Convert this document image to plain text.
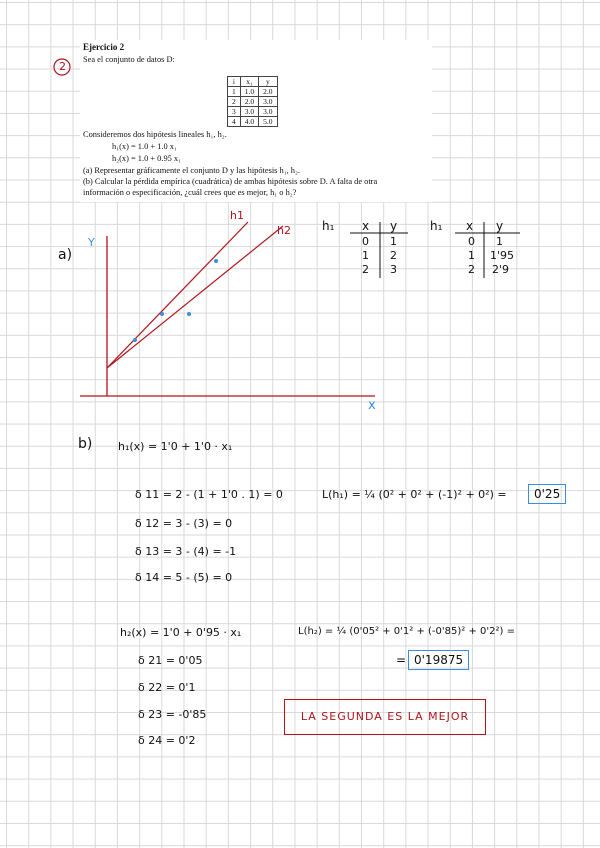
Ejercicio 2
Sea el conjunto de datos D:
i	x₁	y
1	1.0	2.0
2	2.0	3.0
3	3.0	3.0
4	4.0	5.0
Consideremos dos hipótesis lineales h₁, h₂.
h₁(x) = 1.0 + 1.0 x₁
h₂(x) = 1.0 + 0.95 x₁
(a) Representar gráficamente el conjunto D y las hipótesis h₁, h₂.
(b) Calcular la pérdida empírica (cuadrática) de ambas hipótesis sobre D. A falta de otra
información o especificación, ¿cuál crees que es mejor, h₁ o h₂?
2
a)
Y
x
h1
h2	h₁ x y
0 1
1 2
2 3
h₁ x y
0 1
1 1'95
2 2'9
b) h₁(x) = 1'0 + 1'0 · x₁
δ 11 = 2 - (1 + 1'0 . 1) = 0
δ 12 = 3 - (3) = 0
δ 13 = 3 - (4) = -1
δ 14 = 5 - (5) = 0
L(h₁) = ¼ (0² + 0² + (-1)² + 0²) =	0'25
h₂(x) = 1'0 + 0'95 · x₁	L(h₂) = ¼ (0'05² + 0'1² + (-0'85)² + 0'2²) =
= 0'19875
δ 21 = 0'05
δ 22 = 0'1
δ 23 = -0'85
δ 24 = 0'2
LA SEGUNDA ES LA MEJOR
